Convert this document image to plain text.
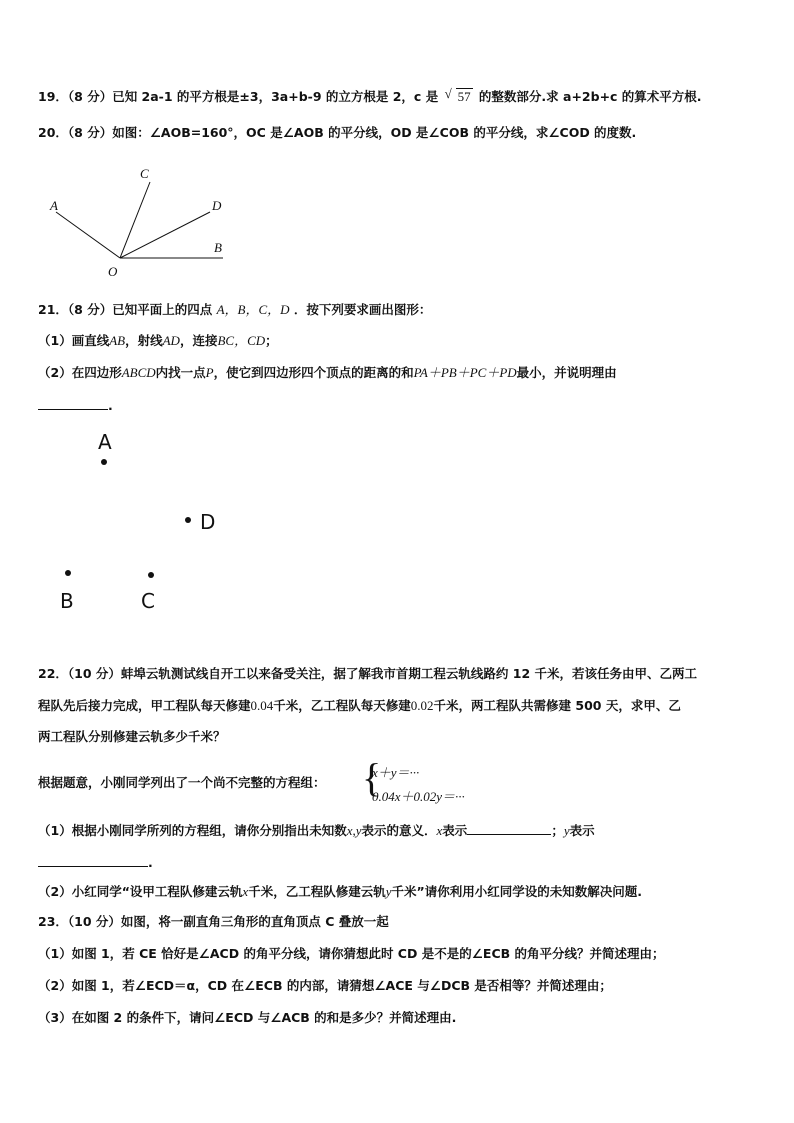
19．（8 分）已知 2a-1 的平方根是±3，3a+b-9 的立方根是 2，c 是 √ 57 的整数部分.求 a+2b+c 的算术平方根.
20．（8 分）如图：∠AOB=160°，OC 是∠AOB 的平分线，OD 是∠COB 的平分线，求∠COD 的度数.
A
C
D
B
O
21．（8 分）已知平面上的四点 A，B，C，D ．按下列要求画出图形：
（1）画直线AB，射线AD，连接BC，CD；
（2）在四边形ABCD内找一点P，使它到四边形四个顶点的距离的和PA＋PB＋PC＋PD最小，并说明理由
.
A
D
B	C
22．（10 分）蚌埠云轨测试线自开工以来备受关注，据了解我市首期工程云轨线路约 12 千米，若该任务由甲、乙两工
程队先后接力完成，甲工程队每天修建0.04千米，乙工程队每天修建0.02千米，两工程队共需修建 500 天，求甲、乙
两工程队分别修建云轨多少千米？
根据题意，小刚同学列出了一个尚不完整的方程组： {
x＋y＝···
0.04x＋0.02y＝···
（1）根据小刚同学所列的方程组，请你分别指出未知数x,y表示的意义．x表示	；y表示
.
（2）小红同学“设甲工程队修建云轨x千米，乙工程队修建云轨y千米”请你利用小红同学设的未知数解决问题.
23．（10 分）如图，将一副直角三角形的直角顶点 C 叠放一起
（1）如图 1，若 CE 恰好是∠ACD 的角平分线，请你猜想此时 CD 是不是的∠ECB 的角平分线？并简述理由；
（2）如图 1，若∠ECD＝α，CD 在∠ECB 的内部，请猜想∠ACE 与∠DCB 是否相等？并简述理由；
（3）在如图 2 的条件下，请问∠ECD 与∠ACB 的和是多少？并简述理由.
